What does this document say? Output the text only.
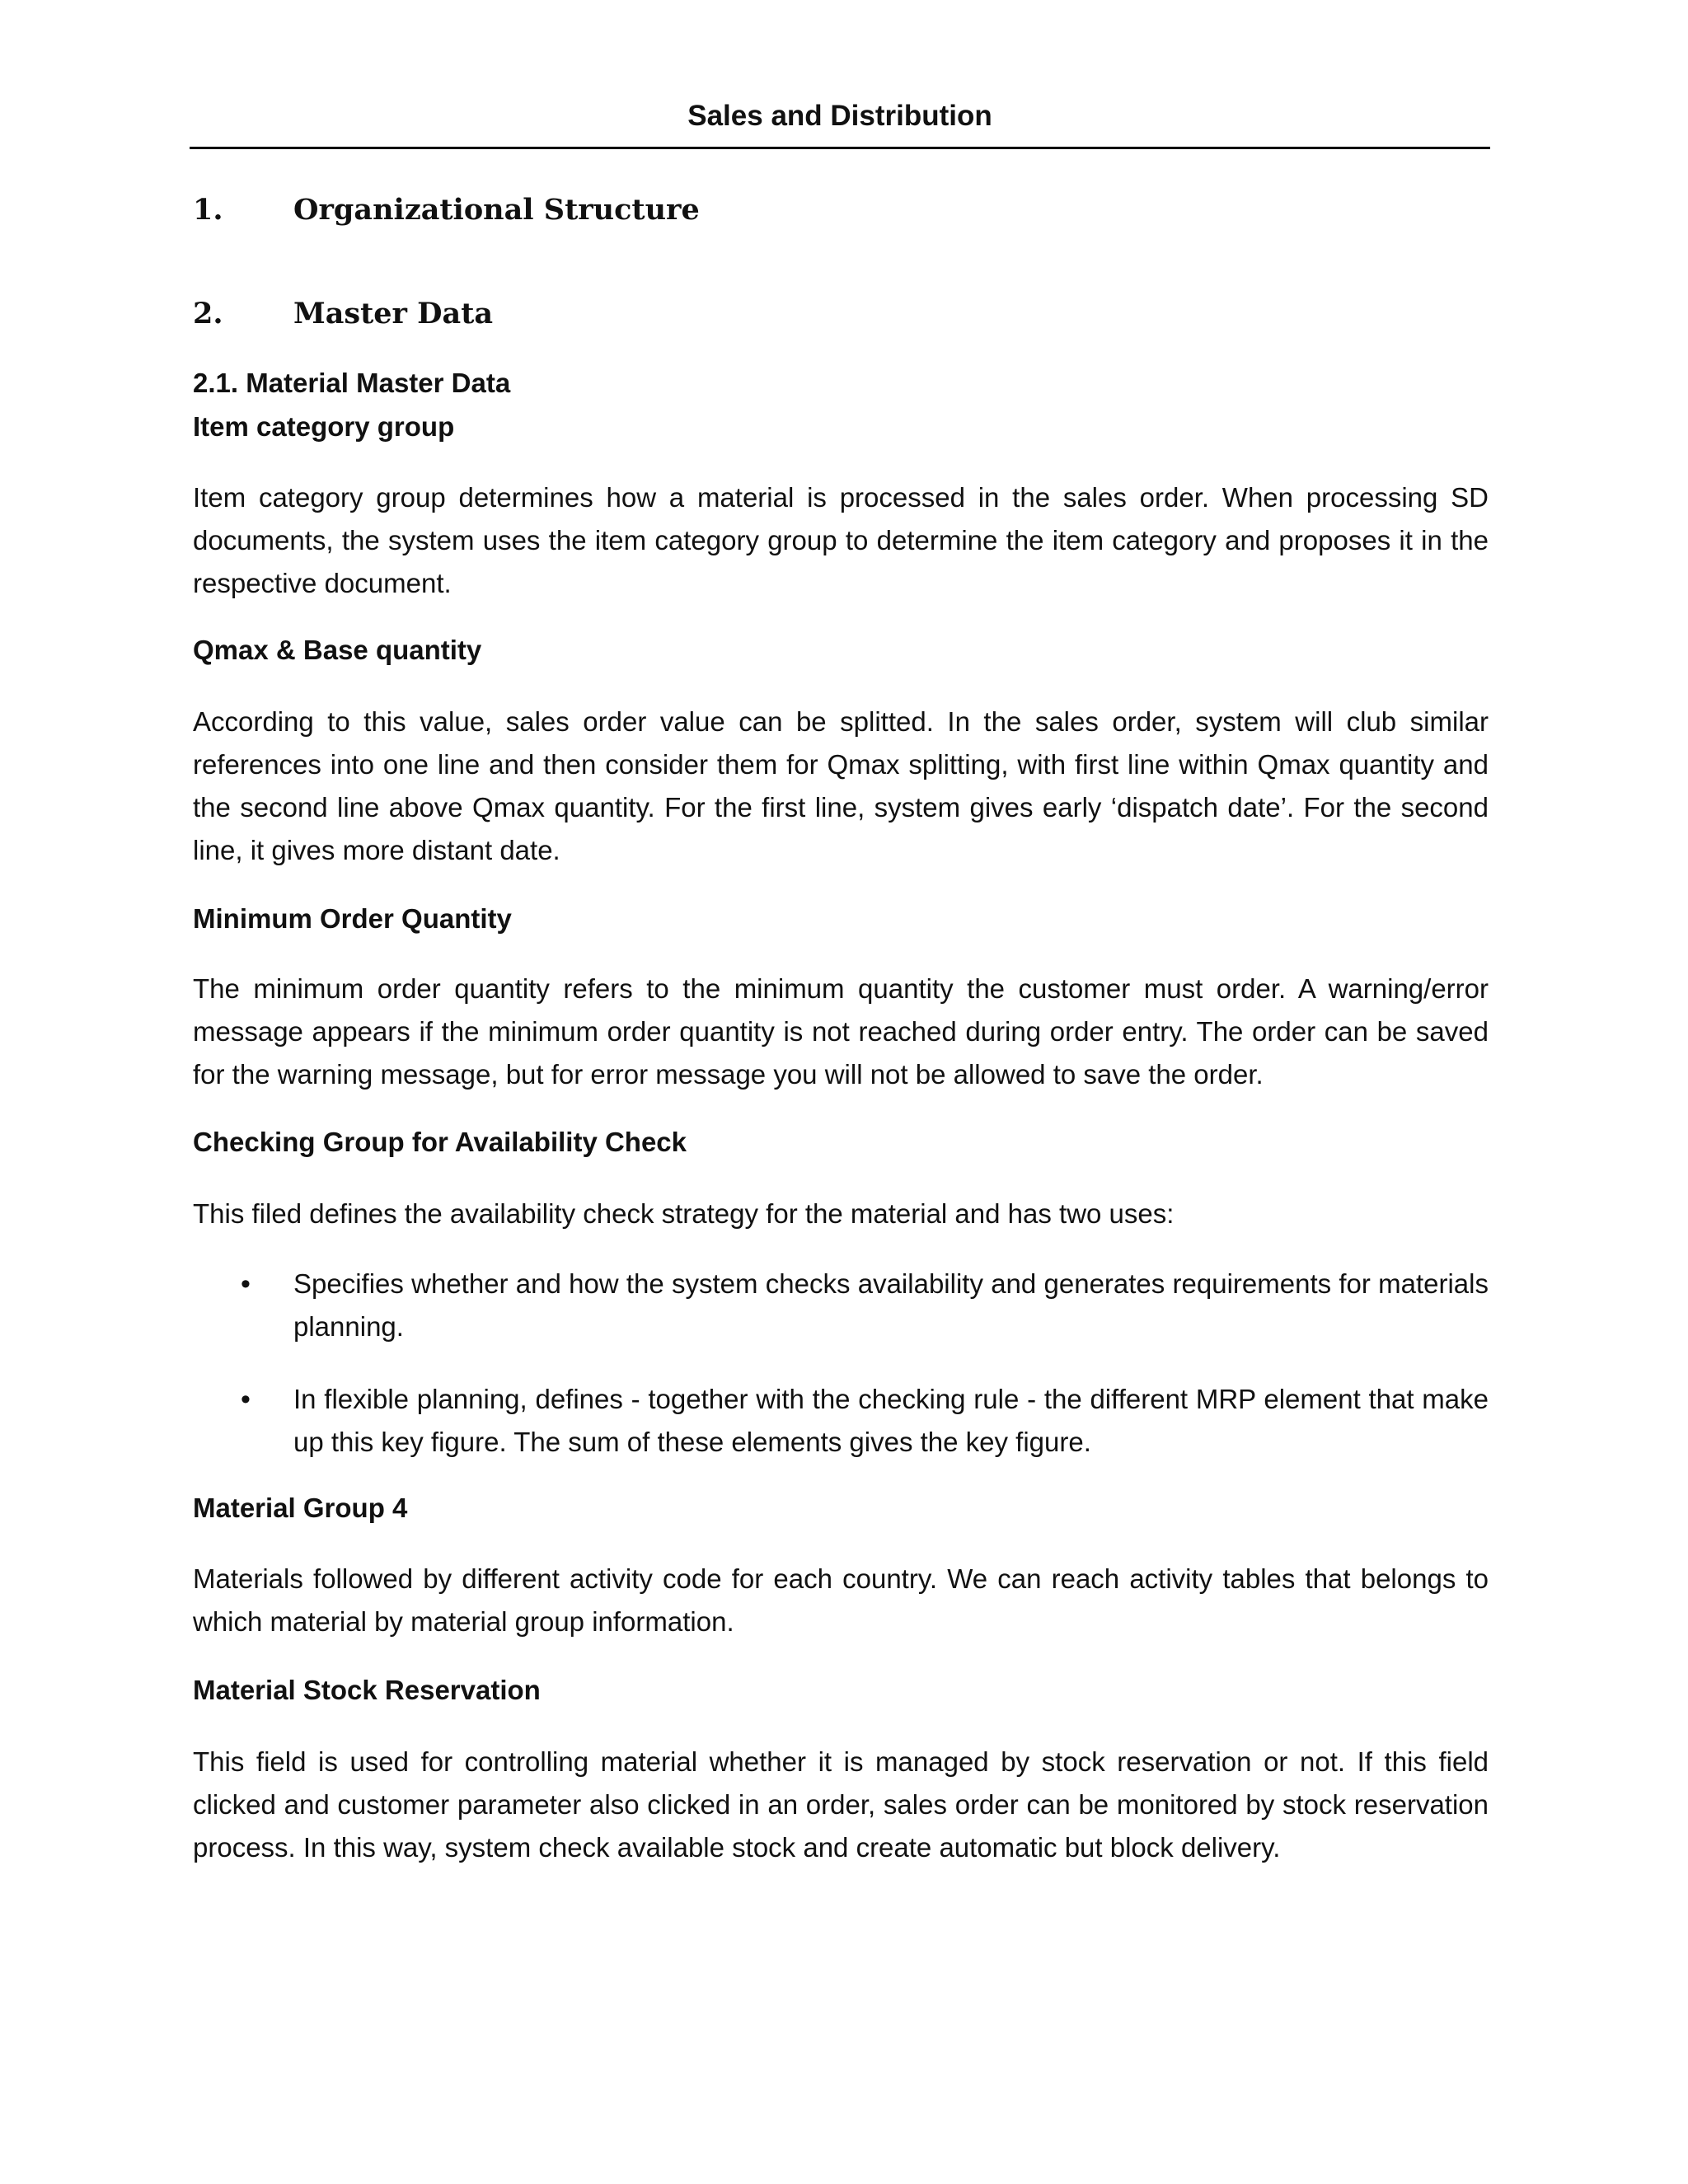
Sales and Distribution
1. Organizational Structure
2. Master Data
2.1. Material Master Data
Item category group

Item category group determines how a material is processed in the sales order. When processing SD documents, the system uses the item category group to determine the item category and proposes it in the respective document.

Qmax & Base quantity

According to this value, sales order value can be splitted. In the sales order, system will club similar references into one line and then consider them for Qmax splitting, with first line within Qmax quantity and the second line above Qmax quantity. For the first line, system gives early ‘dispatch date’. For the second line, it gives more distant date.

Minimum Order Quantity

The minimum order quantity refers to the minimum quantity the customer must order. A warning/error message appears if the minimum order quantity is not reached during order entry. The order can be saved for the warning message, but for error message you will not be allowed to save the order.

Checking Group for Availability Check

This filed defines the availability check strategy for the material and has two uses:

• Specifies whether and how the system checks availability and generates requirements for materials planning.
• In flexible planning, defines - together with the checking rule - the different MRP element that make up this key figure. The sum of these elements gives the key figure.
Material Group 4

Materials followed by different activity code for each country. We can reach activity tables that belongs to which material by material group information.

Material Stock Reservation

This field is used for controlling material whether it is managed by stock reservation or not. If this field clicked and customer parameter also clicked in an order, sales order can be monitored by stock reservation process. In this way, system check available stock and create automatic but block delivery.
